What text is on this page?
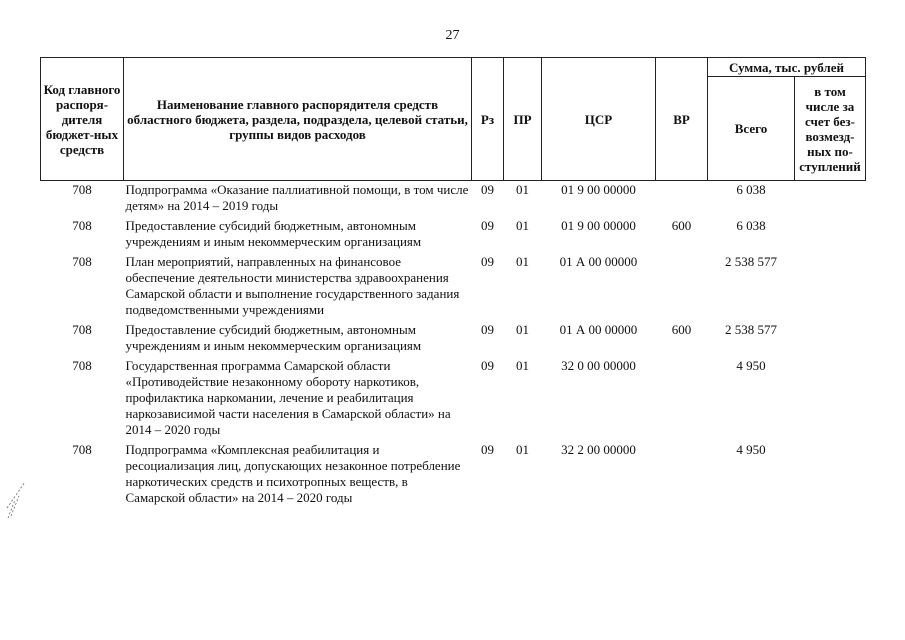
27
Код главного распоря-дителя бюджет-ных средств	Наименование главного распорядителя средств областного бюджета, раздела, подраздела, целевой статьи, группы видов расходов	Рз	ПР	ЦСР	ВР	Сумма, тыс. рублей	
						Всего	в том числе за счет без-возмезд-ных по-ступлений
708	Подпрограмма «Оказание паллиативной помощи, в том числе детям» на 2014 – 2019 годы	09	01	01 9 00 00000		6 038	
708	Предоставление субсидий бюджетным, автономным учреждениям и иным некоммерческим организациям	09	01	01 9 00 00000	600	6 038	
708	План мероприятий, направленных на финансовое обеспечение деятельности министерства здравоохранения Самарской области и выполнение государственного задания подведомственными учреждениями	09	01	01 А 00 00000		2 538 577	
708	Предоставление субсидий бюджетным, автономным учреждениям и иным некоммерческим организациям	09	01	01 А 00 00000	600	2 538 577	
708	Государственная программа Самарской области «Противодействие незаконному обороту наркотиков, профилактика наркомании, лечение и реабилитация наркозависимой части населения в Самарской области» на 2014 – 2020 годы	09	01	32 0 00 00000		4 950	
708	Подпрограмма «Комплексная реабилитация и ресоциализация лиц, допускающих незаконное потребление наркотических средств и психотропных веществ, в Самарской области» на 2014 – 2020 годы	09	01	32 2 00 00000		4 950	
